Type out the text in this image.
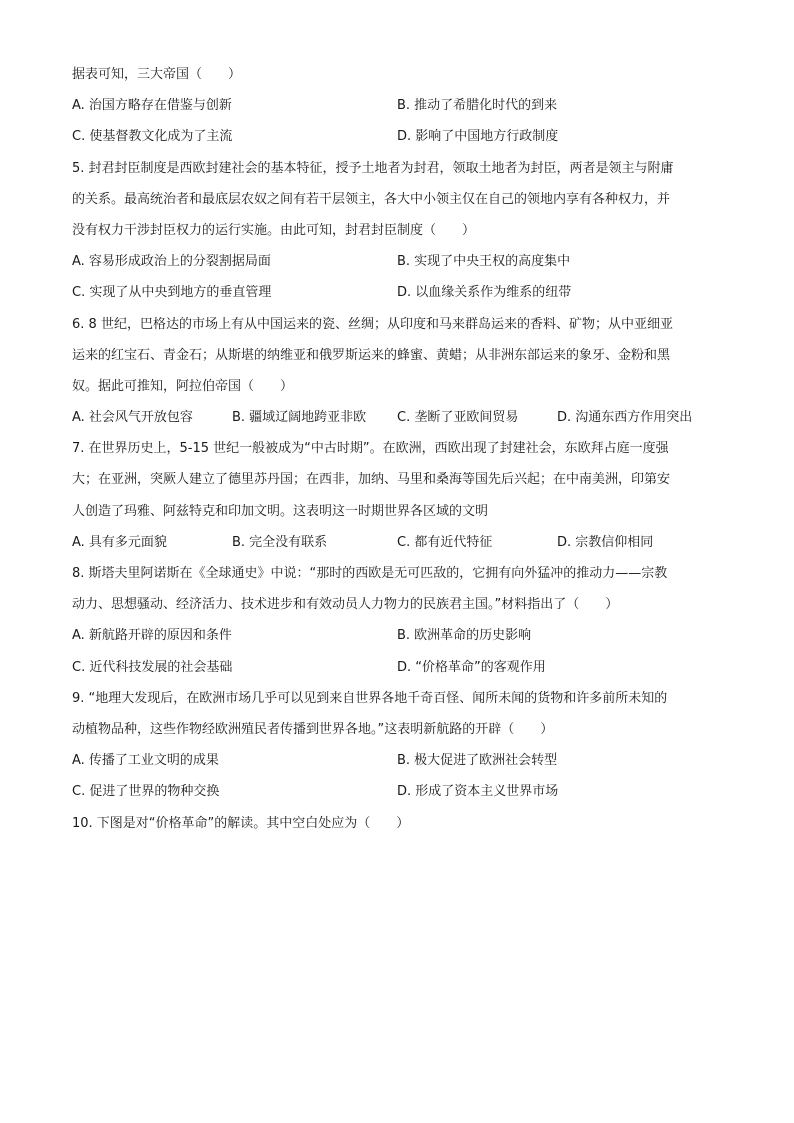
据表可知，三大帝国（　　）
A. 治国方略存在借鉴与创新	B. 推动了希腊化时代的到来
C. 使基督教文化成为了主流	D. 影响了中国地方行政制度
5. 封君封臣制度是西欧封建社会的基本特征，授予土地者为封君，领取土地者为封臣，两者是领主与附庸
的关系。最高统治者和最底层农奴之间有若干层领主，各大中小领主仅在自己的领地内享有各种权力，并
没有权力干涉封臣权力的运行实施。由此可知，封君封臣制度（　　）
A. 容易形成政治上的分裂割据局面	B. 实现了中央王权的高度集中
C. 实现了从中央到地方的垂直管理	D. 以血缘关系作为维系的纽带
6. 8 世纪，巴格达的市场上有从中国运来的瓷、丝绸；从印度和马来群岛运来的香料、矿物；从中亚细亚
运来的红宝石、青金石；从斯堪的纳维亚和俄罗斯运来的蜂蜜、黄蜡；从非洲东部运来的象牙、金粉和黑
奴。据此可推知，阿拉伯帝国（　　）
A. 社会风气开放包容	B. 疆域辽阔地跨亚非欧 C. 垄断了亚欧间贸易	D. 沟通东西方作用突出
7. 在世界历史上，5-15 世纪一般被成为“中古时期”。在欧洲，西欧出现了封建社会，东欧拜占庭一度强
大；在亚洲，突厥人建立了德里苏丹国；在西非，加纳、马里和桑海等国先后兴起；在中南美洲，印第安
人创造了玛雅、阿兹特克和印加文明。这表明这一时期世界各区域的文明
A. 具有多元面貌	B. 完全没有联系	C. 都有近代特征	D. 宗教信仰相同
8. 斯塔夫里阿诺斯在《全球通史》中说：“那时的西欧是无可匹敌的，它拥有向外猛冲的推动力——宗教
动力、思想骚动、经济活力、技术进步和有效动员人力物力的民族君主国。”材料指出了（　　）
A. 新航路开辟的原因和条件	B. 欧洲革命的历史影响
C. 近代科技发展的社会基础	D. “价格革命”的客观作用
9. “地理大发现后，在欧洲市场几乎可以见到来自世界各地千奇百怪、闻所未闻的货物和许多前所未知的
动植物品种，这些作物经欧洲殖民者传播到世界各地。”这表明新航路的开辟（　　）
A. 传播了工业文明的成果	B. 极大促进了欧洲社会转型
C. 促进了世界的物种交换	D. 形成了资本主义世界市场
10. 下图是对“价格革命”的解读。其中空白处应为（　　）
